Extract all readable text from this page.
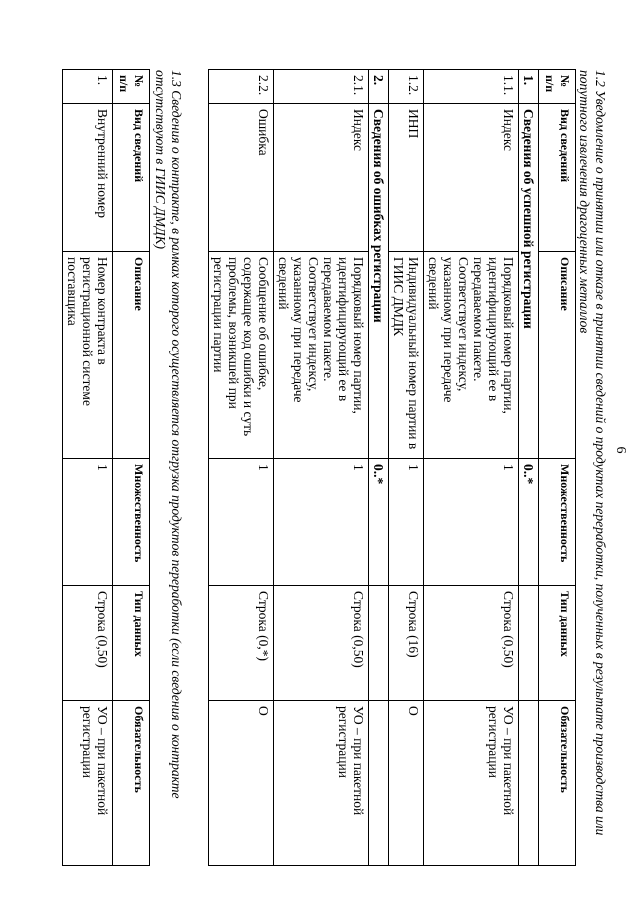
6
1.2 Уведомление о принятии или отказе в принятии сведений о продуктах переработки, полученных в результате производства или попутного извлечения драгоценных металлов
№ п/п	Вид сведений	Описание	Множественность	Тип данных	Обязательность
1.	Сведения об успешной регистрации		0..*		
1.1.	Индекс	Порядковый номер партии, идентифицирующий ее в передаваемом пакете. Соответствует индексу, указанному при передаче сведений	1	Строка (0,50)	УО – при пакетной регистрации
1.2.	ИНП	Индивидуальный номер партии в ГИИС ДМДК	1	Строка (16)	О
2.	Сведения об ошибках регистрации		0..*		
2.1.	Индекс	Порядковый номер партии, идентифицирующий ее в передаваемом пакете. Соответствует индексу, указанному при передаче сведений	1	Строка (0,50)	УО – при пакетной регистрации
2.2.	Ошибка	Сообщение об ошибке, содержащее код ошибки и суть проблемы, возникшей при регистрации партии	1	Строка (0,*)	О
1.3 Сведения о контракте, в рамках которого осуществляется отгрузка продуктов переработки (если сведения о контракте отсутствуют в ГИИС ДМДК)
№ п/п	Вид сведений	Описание	Множественность	Тип данных	Обязательность
1.	Внутренний номер	Номер контракта в регистрационной системе поставщика	1	Строка (0,50)	УО – при пакетной регистрации
